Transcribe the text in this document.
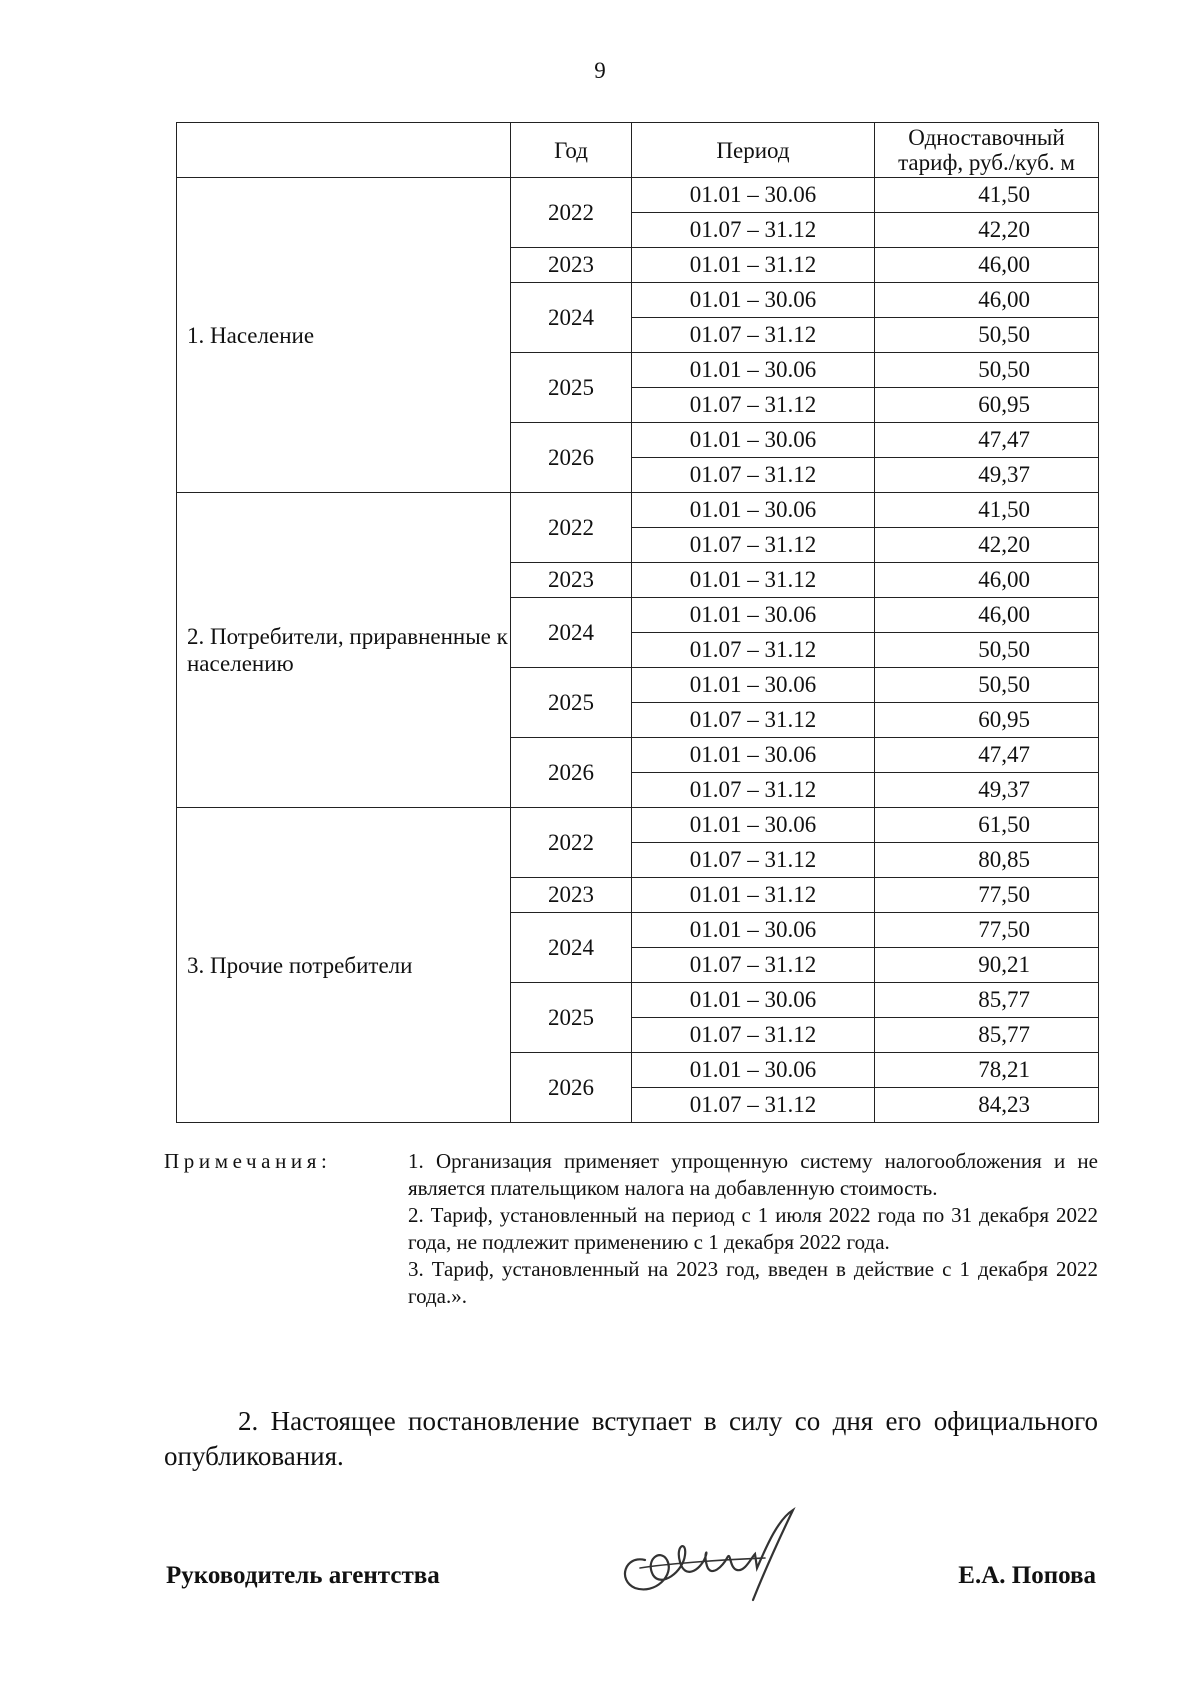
9
	Год	Период	Одноставочный тариф, руб./куб. м
1. Население	2022	01.01 – 30.06	41,50
		01.07 – 31.12	42,20
	2023	01.01 – 31.12	46,00
	2024	01.01 – 30.06	46,00
		01.07 – 31.12	50,50
	2025	01.01 – 30.06	50,50
		01.07 – 31.12	60,95
	2026	01.01 – 30.06	47,47
		01.07 – 31.12	49,37
2. Потребители, приравненные к населению	2022	01.01 – 30.06	41,50
		01.07 – 31.12	42,20
	2023	01.01 – 31.12	46,00
	2024	01.01 – 30.06	46,00
		01.07 – 31.12	50,50
	2025	01.01 – 30.06	50,50
		01.07 – 31.12	60,95
	2026	01.01 – 30.06	47,47
		01.07 – 31.12	49,37
3. Прочие потребители	2022	01.01 – 30.06	61,50
		01.07 – 31.12	80,85
	2023	01.01 – 31.12	77,50
	2024	01.01 – 30.06	77,50
		01.07 – 31.12	90,21
	2025	01.01 – 30.06	85,77
		01.07 – 31.12	85,77
	2026	01.01 – 30.06	78,21
		01.07 – 31.12	84,23
Примечания:	1. Организация применяет упрощенную систему налогообложения и не является плательщиком налога на добавленную стоимость.
2. Тариф, установленный на период с 1 июля 2022 года по 31 декабря 2022 года, не подлежит применению с 1 декабря 2022 года.
3. Тариф, установленный на 2023 год, введен в действие с 1 декабря 2022 года.».
2. Настоящее постановление вступает в силу со дня его официального опубликования.
Руководитель агентства	Е.А. Попова
